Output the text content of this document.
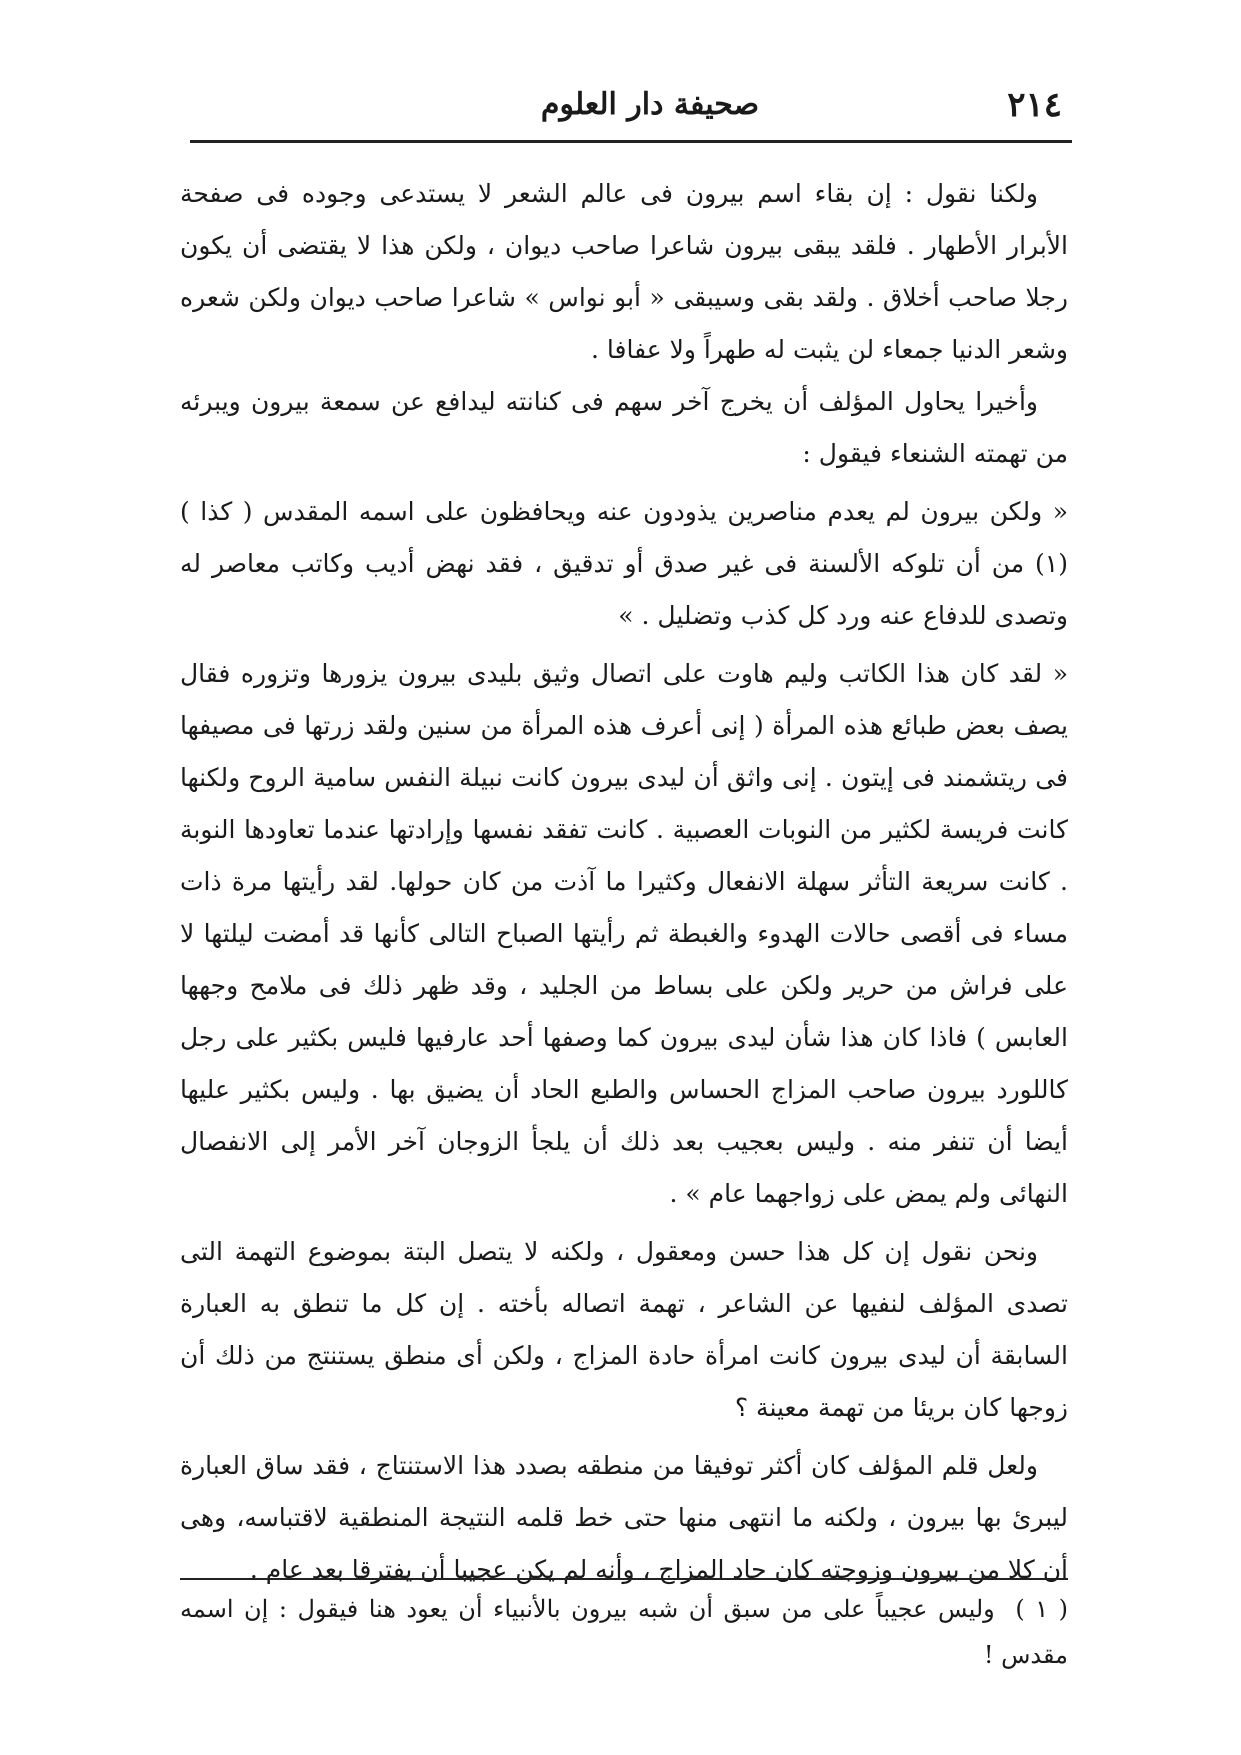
٢١٤
صحيفة دار العلوم

ولكنا نقول : إن بقاء اسم بيرون فى عالم الشعر لا يستدعى وجوده فى صفحة الأبرار الأطهار . فلقد يبقى بيرون شاعرا صاحب ديوان ، ولكن هذا لا يقتضى أن يكون رجلا صاحب أخلاق . ولقد بقى وسيبقى « أبو نواس » شاعرا صاحب ديوان ولكن شعره وشعر الدنيا جمعاء لن يثبت له طهراً ولا عفافا .

وأخيرا يحاول المؤلف أن يخرج آخر سهم فى كنانته ليدافع عن سمعة بيرون ويبرئه من تهمته الشنعاء فيقول :

« ولكن بيرون لم يعدم مناصرين يذودون عنه ويحافظون على اسمه المقدس ( كذا ) (١) من أن تلوكه الألسنة فى غير صدق أو تدقيق ، فقد نهض أديب وكاتب معاصر له وتصدى للدفاع عنه ورد كل كذب وتضليل . »

« لقد كان هذا الكاتب وليم هاوت على اتصال وثيق بليدى بيرون يزورها وتزوره فقال يصف بعض طبائع هذه المرأة ( إنى أعرف هذه المرأة من سنين ولقد زرتها فى مصيفها فى ريتشمند فى إيتون . إنى واثق أن ليدى بيرون كانت نبيلة النفس سامية الروح ولكنها كانت فريسة لكثير من النوبات العصبية . كانت تفقد نفسها وإرادتها عندما تعاودها النوبة . كانت سريعة التأثر سهلة الانفعال وكثيرا ما آذت من كان حولها. لقد رأيتها مرة ذات مساء فى أقصى حالات الهدوء والغبطة ثم رأيتها الصباح التالى كأنها قد أمضت ليلتها لا على فراش من حرير ولكن على بساط من الجليد ، وقد ظهر ذلك فى ملامح وجهها العابس ) فاذا كان هذا شأن ليدى بيرون كما وصفها أحد عارفيها فليس بكثير على رجل كاللورد بيرون صاحب المزاج الحساس والطبع الحاد أن يضيق بها . وليس بكثير عليها أيضا أن تنفر منه . وليس بعجيب بعد ذلك أن يلجأ الزوجان آخر الأمر إلى الانفصال النهائى ولم يمض على زواجهما عام » .

ونحن نقول إن كل هذا حسن ومعقول ، ولكنه لا يتصل البتة بموضوع التهمة التى تصدى المؤلف لنفيها عن الشاعر ، تهمة اتصاله بأخته . إن كل ما تنطق به العبارة السابقة أن ليدى بيرون كانت امرأة حادة المزاج ، ولكن أى منطق يستنتج من ذلك أن زوجها كان بريئا من تهمة معينة ؟

ولعل قلم المؤلف كان أكثر توفيقا من منطقه بصدد هذا الاستنتاج ، فقد ساق العبارة ليبرئ بها بيرون ، ولكنه ما انتهى منها حتى خط قلمه النتيجة المنطقية لاقتباسه، وهى أن كلا من بيرون وزوجته كان حاد المزاج ، وأنه لم يكن عجيبا أن يفترقا بعد عام .

( ١ ) وليس عجيباً على من سبق أن شبه بيرون بالأنبياء أن يعود هنا فيقول : إن اسمه مقدس !
